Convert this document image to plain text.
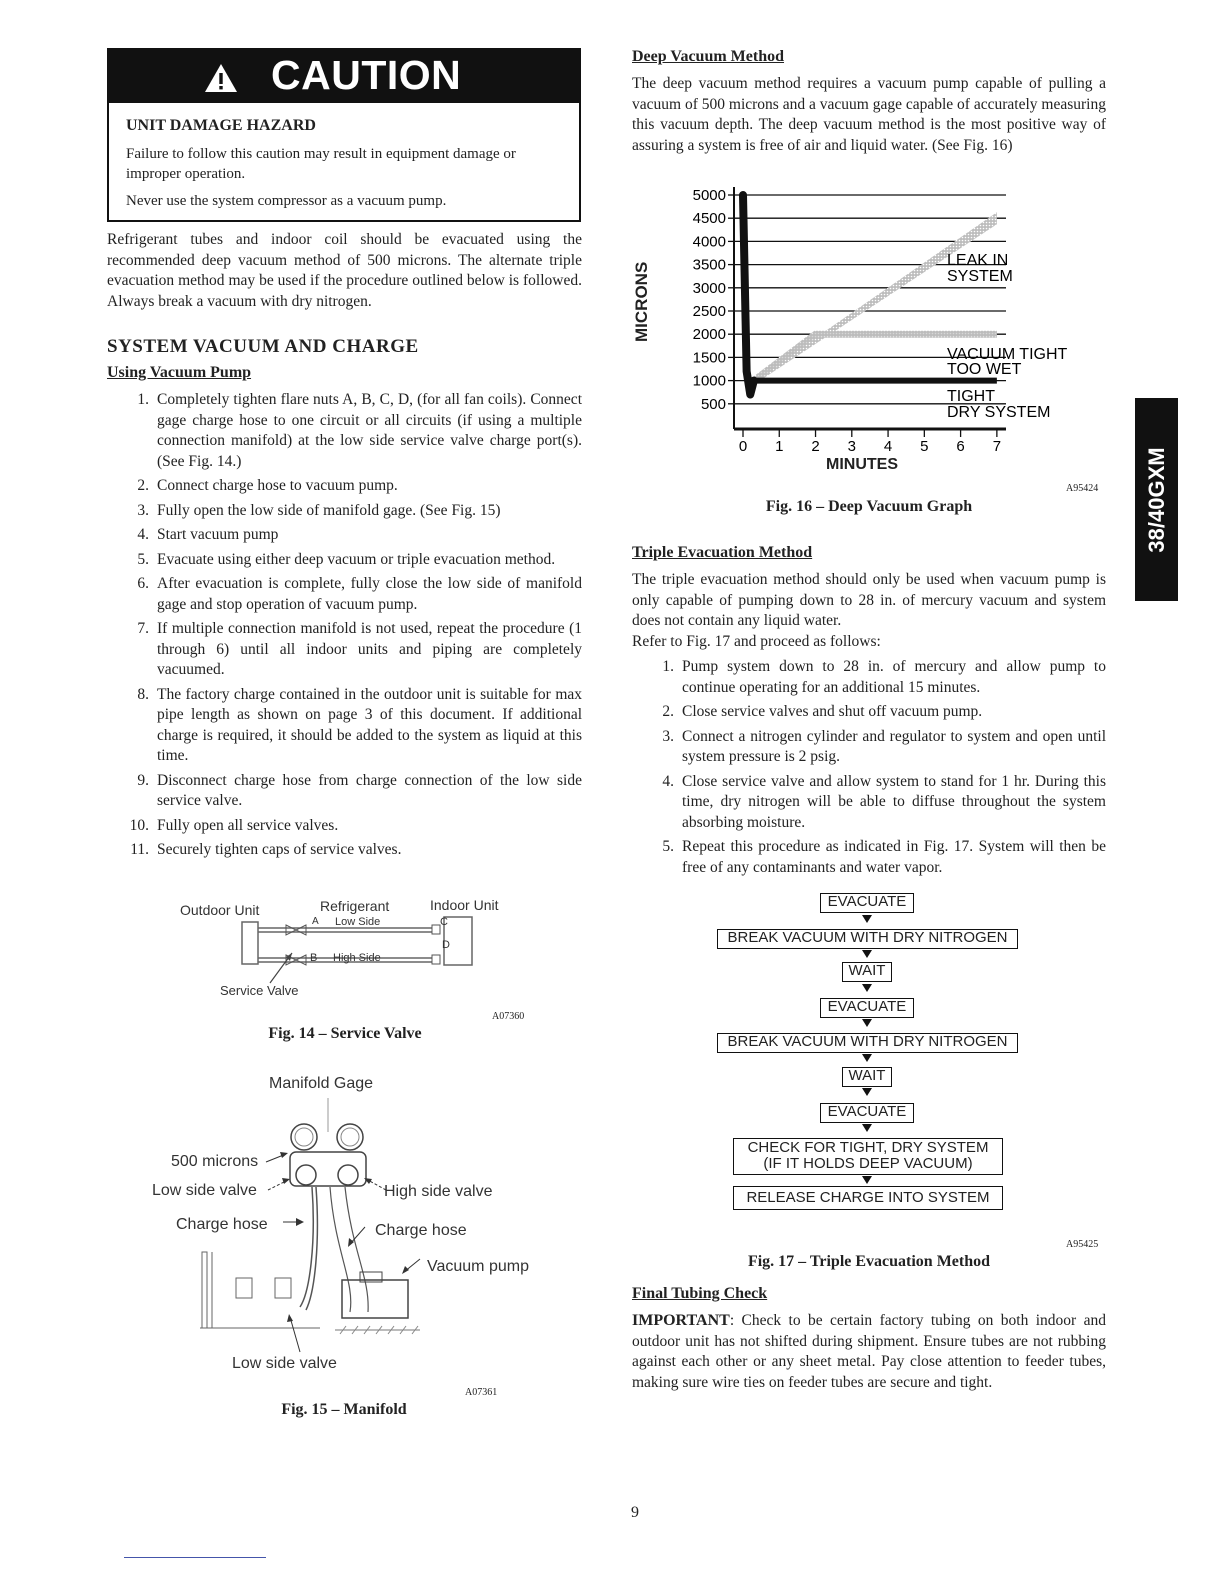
CAUTION
UNIT DAMAGE HAZARD

Failure to follow this caution may result in equipment damage or improper operation.

Never use the system compressor as a vacuum pump.

Refrigerant tubes and indoor coil should be evacuated using the recommended deep vacuum method of 500 microns. The alternate triple evacuation method may be used if the procedure outlined below is followed. Always break a vacuum with dry nitrogen.

SYSTEM VACUUM AND CHARGE
Using Vacuum Pump
1. Completely tighten flare nuts A, B, C, D, (for all fan coils). Connect gage charge hose to one circuit or all circuits (if using a multiple connection manifold) at the low side service valve charge port(s). (See Fig. 14.)
2. Connect charge hose to vacuum pump.
3. Fully open the low side of manifold gage. (See Fig. 15)
4. Start vacuum pump
5. Evacuate using either deep vacuum or triple evacuation method.
6. After evacuation is complete, fully close the low side of manifold gage and stop operation of vacuum pump.
7. If multiple connection manifold is not used, repeat the procedure (1 through 6) until all indoor units and piping are completely vacuumed.
8. The factory charge contained in the outdoor unit is suitable for max pipe length as shown on page 3 of this document. If additional charge is required, it should be added to the system as liquid at this time.
9. Disconnect charge hose from charge connection of the low side service valve.
10. Fully open all service valves.
11. Securely tighten caps of service valves.
Outdoor Unit	Refrigerant	Indoor Unit
A Low Side	C
D
B High Side
Service Valve
A07360
Fig. 14 – Service Valve
Manifold Gage
500 microns
Low side valve	High side valve
Charge hose	Charge hose
Vacuum pump
Low side valve
A07361
Fig. 15 – Manifold
Deep Vacuum Method

The deep vacuum method requires a vacuum pump capable of pulling a vacuum of 500 microns and a vacuum gage capable of accurately measuring this vacuum depth. The deep vacuum method is the most positive way of assuring a system is free of air and liquid water. (See Fig. 16)

5000
4500
4000
3500
3000
2500
2000
1500
1000
500
0 1 2 3 4 5 6 7
LEAK IN
SYSTEM
VACUUM TIGHT
TOO WET
TIGHT
DRY SYSTEM
MICRONS
MINUTES
A95424
Fig. 16 – Deep Vacuum Graph
Triple Evacuation Method

The triple evacuation method should only be used when vacuum pump is only capable of pumping down to 28 in. of mercury vacuum and system does not contain any liquid water.

Refer to Fig. 17 and proceed as follows:

1. Pump system down to 28 in. of mercury and allow pump to continue operating for an additional 15 minutes.
2. Close service valves and shut off vacuum pump.
3. Connect a nitrogen cylinder and regulator to system and open until system pressure is 2 psig.
4. Close service valve and allow system to stand for 1 hr. During this time, dry nitrogen will be able to diffuse throughout the system absorbing moisture.
5. Repeat this procedure as indicated in Fig. 17. System will then be free of any contaminants and water vapor.
EVACUATE
BREAK VACUUM WITH DRY NITROGEN
WAIT
EVACUATE
BREAK VACUUM WITH DRY NITROGEN
WAIT
EVACUATE
CHECK FOR TIGHT, DRY SYSTEM
(IF IT HOLDS DEEP VACUUM)
RELEASE CHARGE INTO SYSTEM
A95425
Fig. 17 – Triple Evacuation Method
Final Tubing Check

IMPORTANT: Check to be certain factory tubing on both indoor and outdoor unit has not shifted during shipment. Ensure tubes are not rubbing against each other or any sheet metal. Pay close attention to feeder tubes, making sure wire ties on feeder tubes are secure and tight.

38/40GXM
9
